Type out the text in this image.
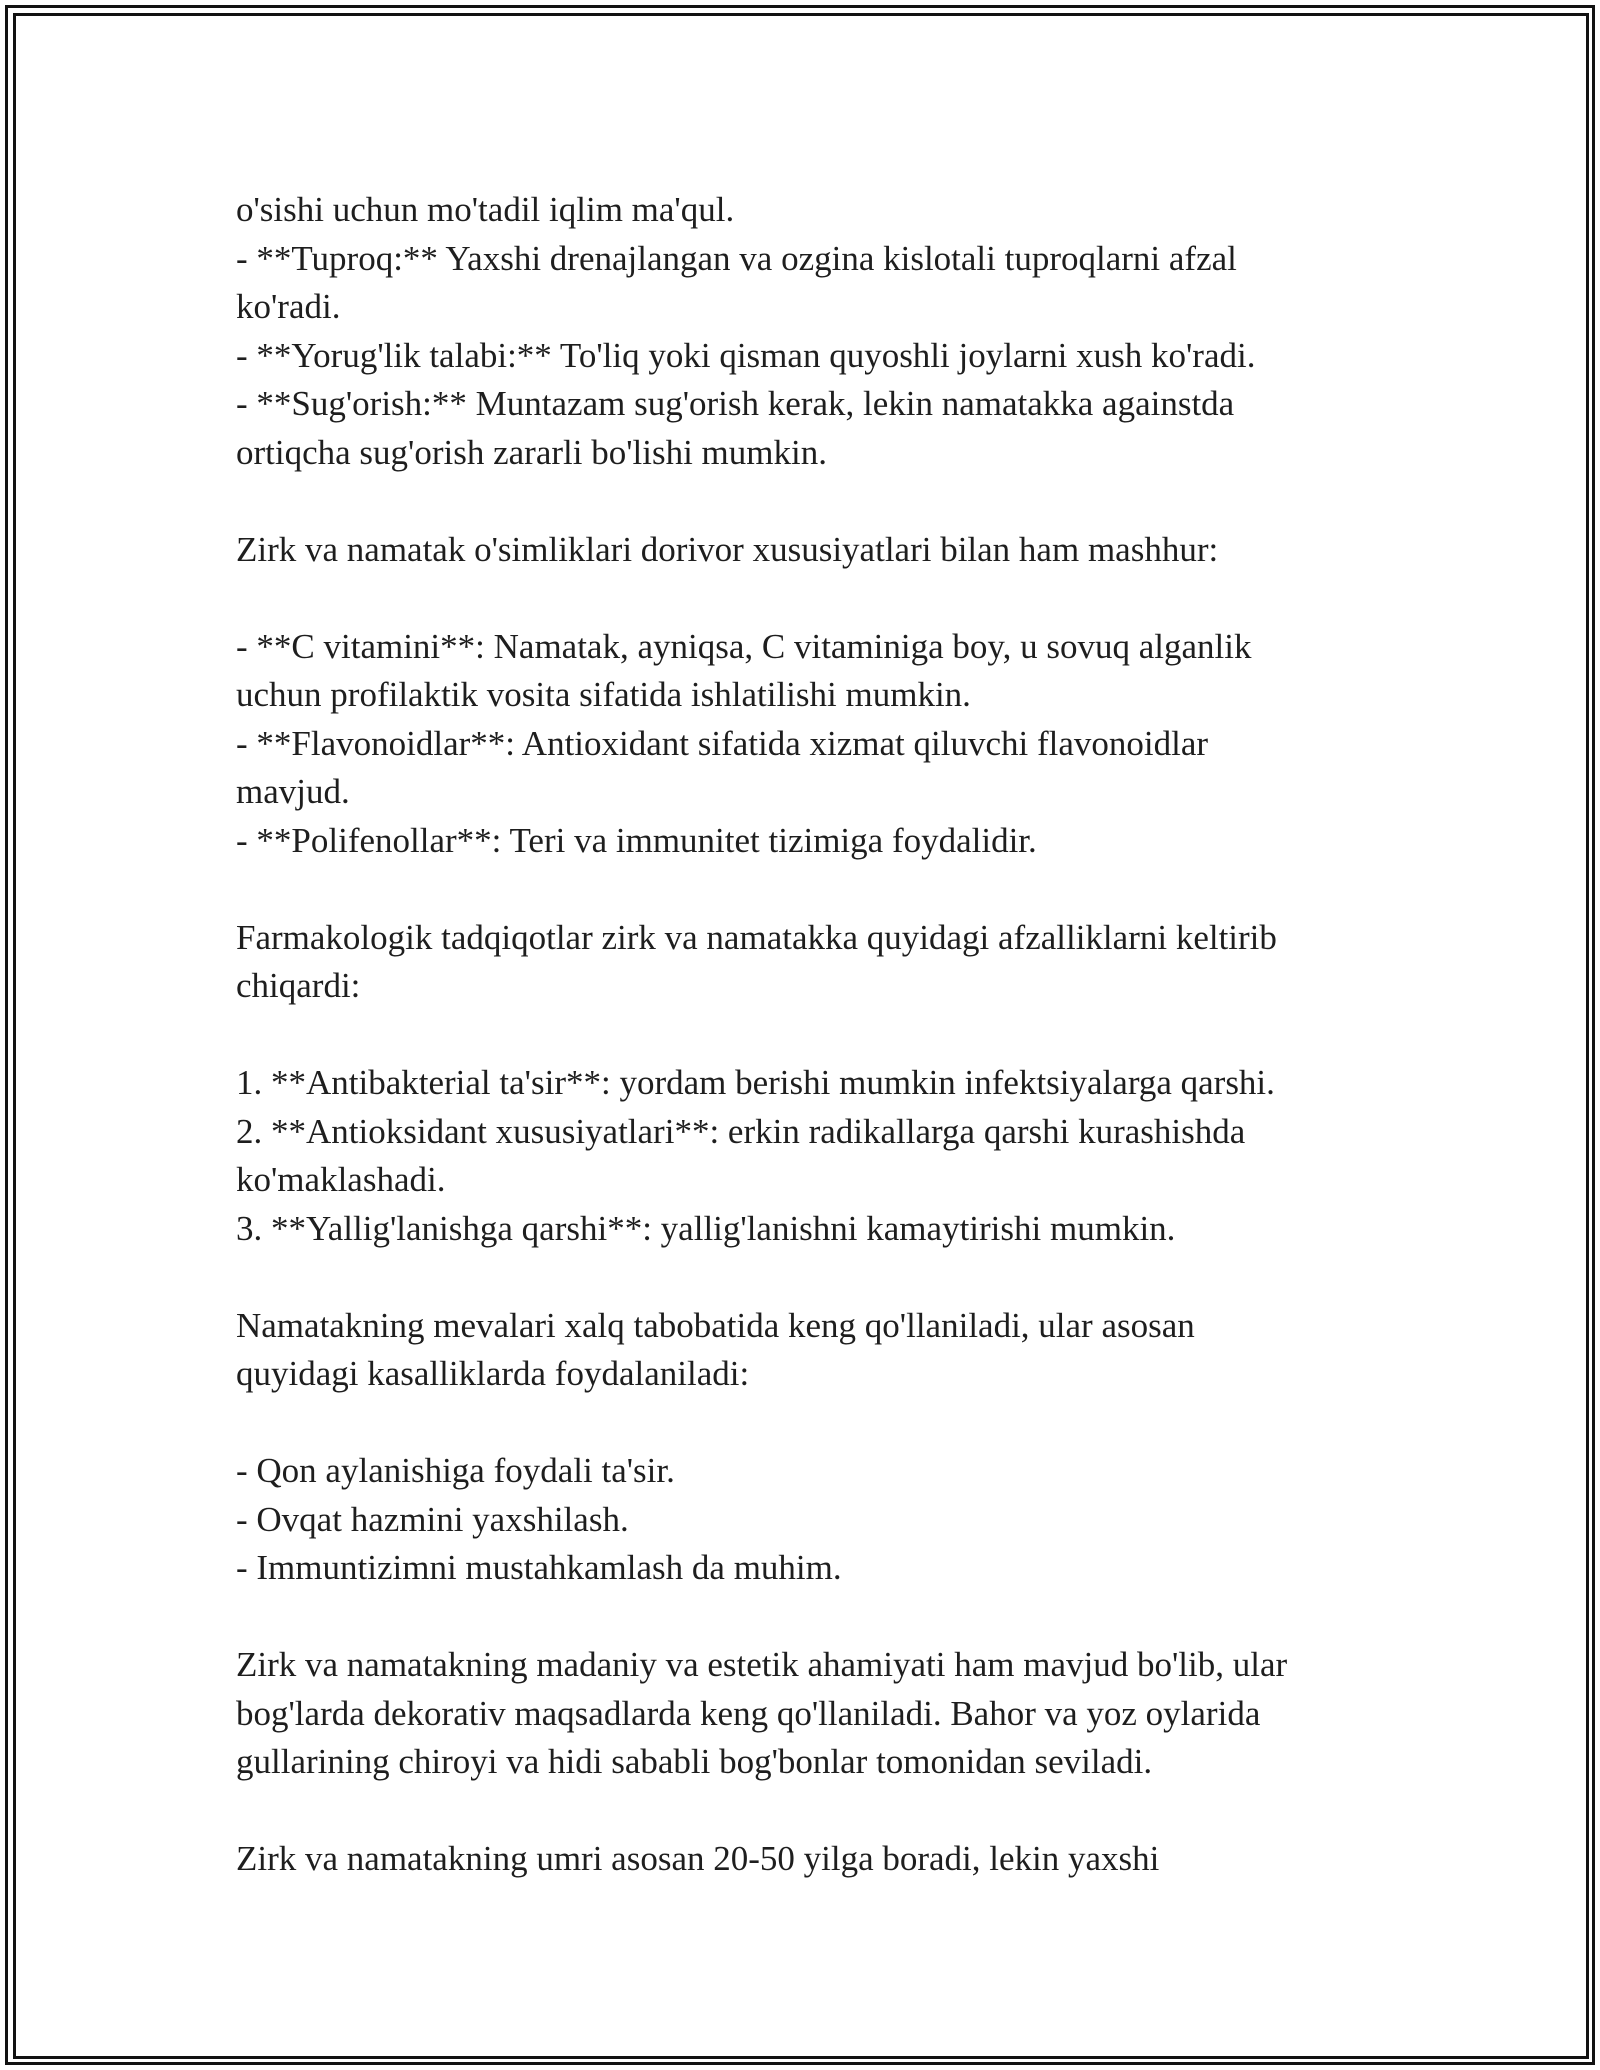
o'sishi uchun mo'tadil iqlim ma'qul.
- **Tuproq:** Yaxshi drenajlangan va ozgina kislotali tuproqlarni afzal
ko'radi.
- **Yorug'lik talabi:** To'liq yoki qisman quyoshli joylarni xush ko'radi.
- **Sug'orish:** Muntazam sug'orish kerak, lekin namatakka againstda
ortiqcha sug'orish zararli bo'lishi mumkin.
Zirk va namatak o'simliklari dorivor xususiyatlari bilan ham mashhur:
- **C vitamini**: Namatak, ayniqsa, C vitaminiga boy, u sovuq alganlik
uchun profilaktik vosita sifatida ishlatilishi mumkin.
- **Flavonoidlar**: Antioxidant sifatida xizmat qiluvchi flavonoidlar
mavjud.
- **Polifenollar**: Teri va immunitet tizimiga foydalidir.
Farmakologik tadqiqotlar zirk va namatakka quyidagi afzalliklarni keltirib
chiqardi:
1. **Antibakterial ta'sir**: yordam berishi mumkin infektsiyalarga qarshi.
2. **Antioksidant xususiyatlari**: erkin radikallarga qarshi kurashishda
ko'maklashadi.
3. **Yallig'lanishga qarshi**: yallig'lanishni kamaytirishi mumkin.
Namatakning mevalari xalq tabobatida keng qo'llaniladi, ular asosan
quyidagi kasalliklarda foydalaniladi:
- Qon aylanishiga foydali ta'sir.
- Ovqat hazmini yaxshilash.
- Immuntizimni mustahkamlash da muhim.
Zirk va namatakning madaniy va estetik ahamiyati ham mavjud bo'lib, ular
bog'larda dekorativ maqsadlarda keng qo'llaniladi. Bahor va yoz oylarida
gullarining chiroyi va hidi sababli bog'bonlar tomonidan seviladi.
Zirk va namatakning umri asosan 20-50 yilga boradi, lekin yaxshi
